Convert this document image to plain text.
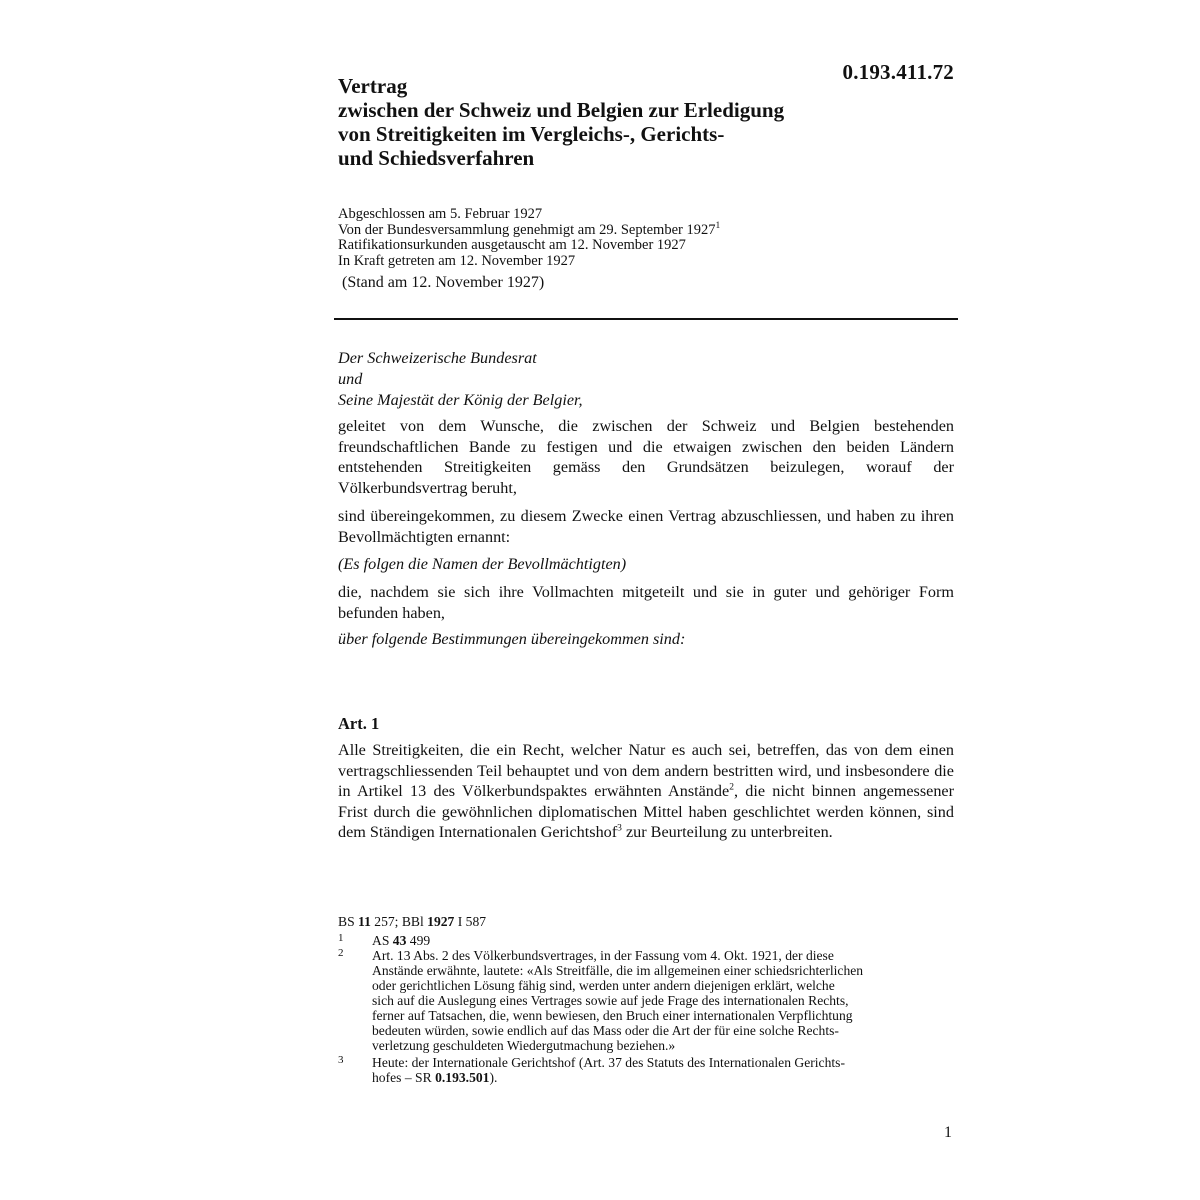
0.193.411.72
Vertrag
zwischen der Schweiz und Belgien zur Erledigung
von Streitigkeiten im Vergleichs-, Gerichts-
und Schiedsverfahren
Abgeschlossen am 5. Februar 1927
Von der Bundesversammlung genehmigt am 29. September 1927$^1$
Ratifikationsurkunden ausgetauscht am 12. November 1927
In Kraft getreten am 12. November 1927
(Stand am 12. November 1927)
Der Schweizerische Bundesrat
und
Seine Majestät der König der Belgier,
geleitet von dem Wunsche, die zwischen der Schweiz und Belgien bestehenden freundschaftlichen Bande zu festigen und die etwaigen zwischen den beiden Ländern entstehenden Streitigkeiten gemäss den Grundsätzen beizulegen, worauf der Völkerbundsvertrag beruht,
sind übereingekommen, zu diesem Zwecke einen Vertrag abzuschliessen, und haben zu ihren Bevollmächtigten ernannt:
(Es folgen die Namen der Bevollmächtigten)
die, nachdem sie sich ihre Vollmachten mitgeteilt und sie in guter und gehöriger Form befunden haben,
über folgende Bestimmungen übereingekommen sind:
Art. 1
Alle Streitigkeiten, die ein Recht, welcher Natur es auch sei, betreffen, das von dem einen vertragschliessenden Teil behauptet und von dem andern bestritten wird, und insbesondere die in Artikel 13 des Völkerbundspaktes erwähnten Anstände$^2$, die nicht binnen angemessener Frist durch die gewöhnlichen diplomatischen Mittel haben geschlichtet werden können, sind dem Ständigen Internationalen Gerichtshof$^3$ zur Beurteilung zu unterbreiten.
BS 11 257; BBl 1927 I 587
1 AS 43 499
2 Art. 13 Abs. 2 des Völkerbundsvertrages, in der Fassung vom 4. Okt. 1921, der diese
Anstände erwähnte, lautete: «Als Streitfälle, die im allgemeinen einer schiedsrichterlichen
oder gerichtlichen Lösung fähig sind, werden unter andern diejenigen erklärt, welche
sich auf die Auslegung eines Vertrages sowie auf jede Frage des internationalen Rechts,
ferner auf Tatsachen, die, wenn bewiesen, den Bruch einer internationalen Verpflichtung
bedeuten würden, sowie endlich auf das Mass oder die Art der für eine solche Rechts-
verletzung geschuldeten Wiedergutmachung beziehen.»
3 Heute: der Internationale Gerichtshof (Art. 37 des Statuts des Internationalen Gerichts-
hofes – SR 0.193.501).
1
